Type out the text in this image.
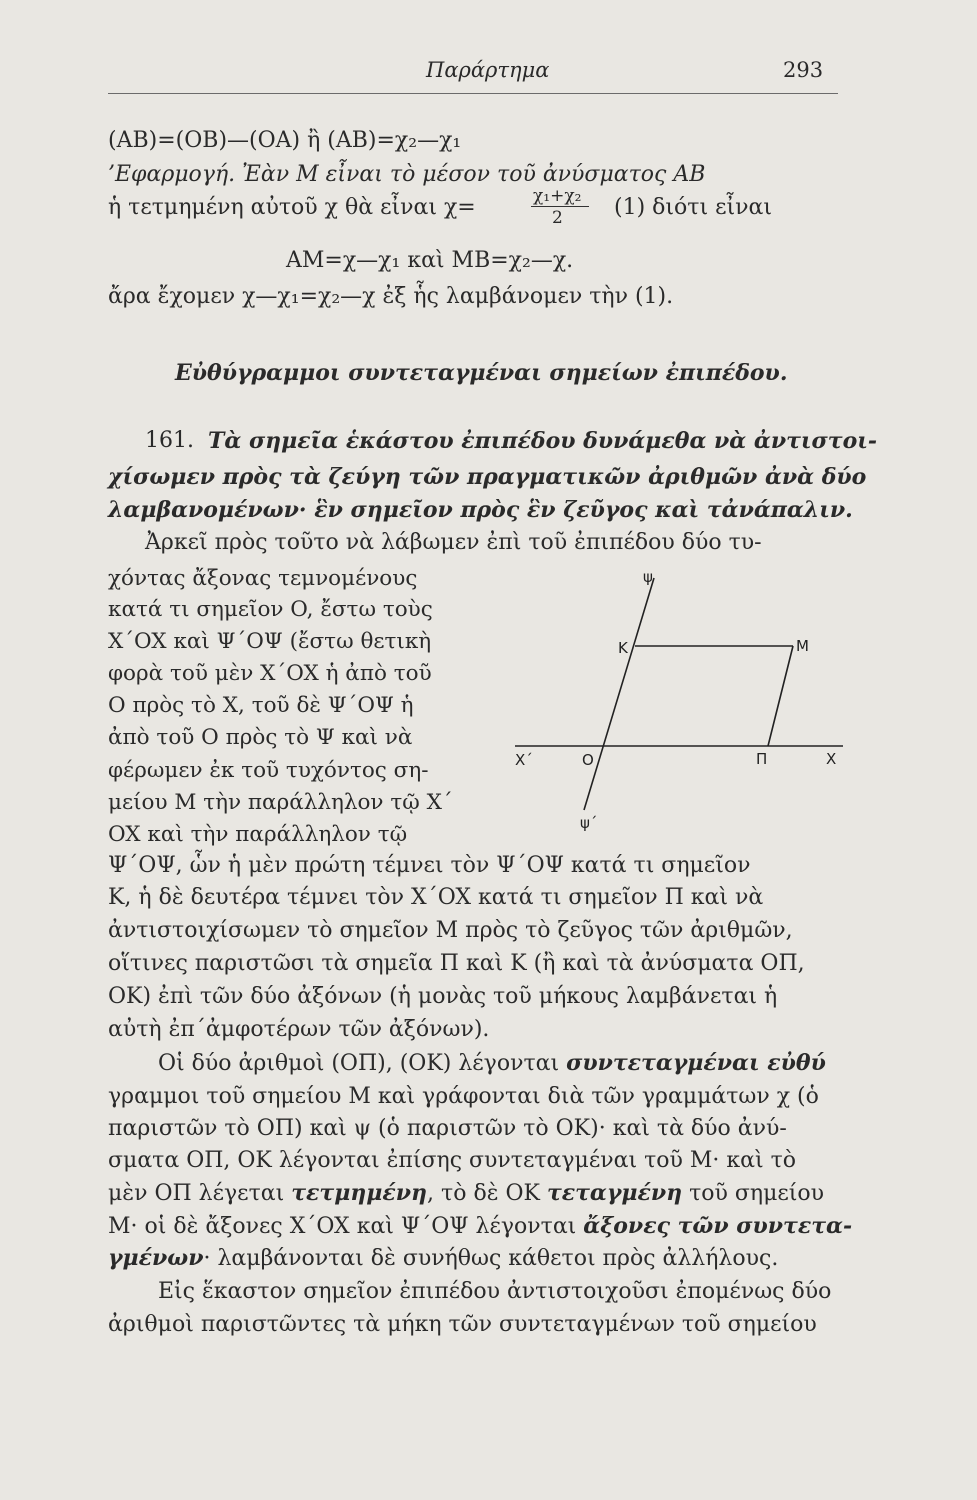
Παράρτημα	293
(AB)=(OB)—(OA) ἢ (AB)=χ₂—χ₁
’Εφαρμογή. Ἐὰν M εἶναι τὸ μέσον τοῦ ἀνύσματος AB
ἡ τετμημένη αὐτοῦ χ θὰ εἶναι χ=	χ₁+χ₂
2 (1) διότι εἶναι
AM=χ—χ₁ καὶ MB=χ₂—χ.
ἄρα ἔχομεν χ—χ₁=χ₂—χ ἐξ ἧς λαμβάνομεν τὴν (1).
Εὐθύγραμμοι συντεταγμέναι σημείων ἐπιπέδου.
161. Τὰ σημεῖα ἑκάστου ἐπιπέδου δυνάμεθα νὰ ἀντιστοι-
χίσωμεν πρὸς τὰ ζεύγη τῶν πραγματικῶν ἀριθμῶν ἀνὰ δύο
λαμβανομένων· ἓν σημεῖον πρὸς ἓν ζεῦγος καὶ τἀνάπαλιν.
Ἀρκεῖ πρὸς τοῦτο νὰ λάβωμεν ἐπὶ τοῦ ἐπιπέδου δύο τυ-
χόντας ἄξονας τεμνομένους
κατά τι σημεῖον O, ἔστω τοὺς
X΄OX καὶ Ψ΄OΨ (ἔστω θετικὴ
φορὰ τοῦ μὲν X΄OX ἡ ἀπὸ τοῦ
O πρὸς τὸ X, τοῦ δὲ Ψ΄OΨ ἡ
ἀπὸ τοῦ O πρὸς τὸ Ψ καὶ νὰ
φέρωμεν ἐκ τοῦ τυχόντος ση-
μείου M τὴν παράλληλον τῷ X΄
OX καὶ τὴν παράλληλον τῷ
Ψ΄OΨ, ὧν ἡ μὲν πρώτη τέμνει τὸν Ψ΄OΨ κατά τι σημεῖον
K, ἡ δὲ δευτέρα τέμνει τὸν X΄OX κατά τι σημεῖον Π καὶ νὰ
ἀντιστοιχίσωμεν τὸ σημεῖον M πρὸς τὸ ζεῦγος τῶν ἀριθμῶν,
οἵτινες παριστῶσι τὰ σημεῖα Π καὶ K (ἢ καὶ τὰ ἀνύσματα OΠ,
OK) ἐπὶ τῶν δύο ἀξόνων (ἡ μονὰς τοῦ μήκους λαμβάνεται ἡ
αὐτὴ ἐπ΄ἀμφοτέρων τῶν ἀξόνων).
Οἱ δύο ἀριθμοὶ (OΠ), (OK) λέγονται συντεταγμέναι εὐθύ
γραμμοι τοῦ σημείου M καὶ γράφονται διὰ τῶν γραμμάτων χ (ὁ
παριστῶν τὸ OΠ) καὶ ψ (ὁ παριστῶν τὸ OK)· καὶ τὰ δύο ἀνύ-
σματα OΠ, OK λέγονται ἐπίσης συντεταγμέναι τοῦ M· καὶ τὸ
μὲν OΠ λέγεται τετμημένη, τὸ δὲ OK τεταγμένη τοῦ σημείου
M· οἱ δὲ ἄξονες X΄OX καὶ Ψ΄OΨ λέγονται ἄξονες τῶν συντετα-
γμένων· λαμβάνονται δὲ συνήθως κάθετοι πρὸς ἀλλήλους.
Εἰς ἕκαστον σημεῖον ἐπιπέδου ἀντιστοιχοῦσι ἐπομένως δύο
ἀριθμοὶ παριστῶντες τὰ μήκη τῶν συντεταγμένων τοῦ σημείου
ψ
K	M
X΄	O	Π	X
ψ΄
